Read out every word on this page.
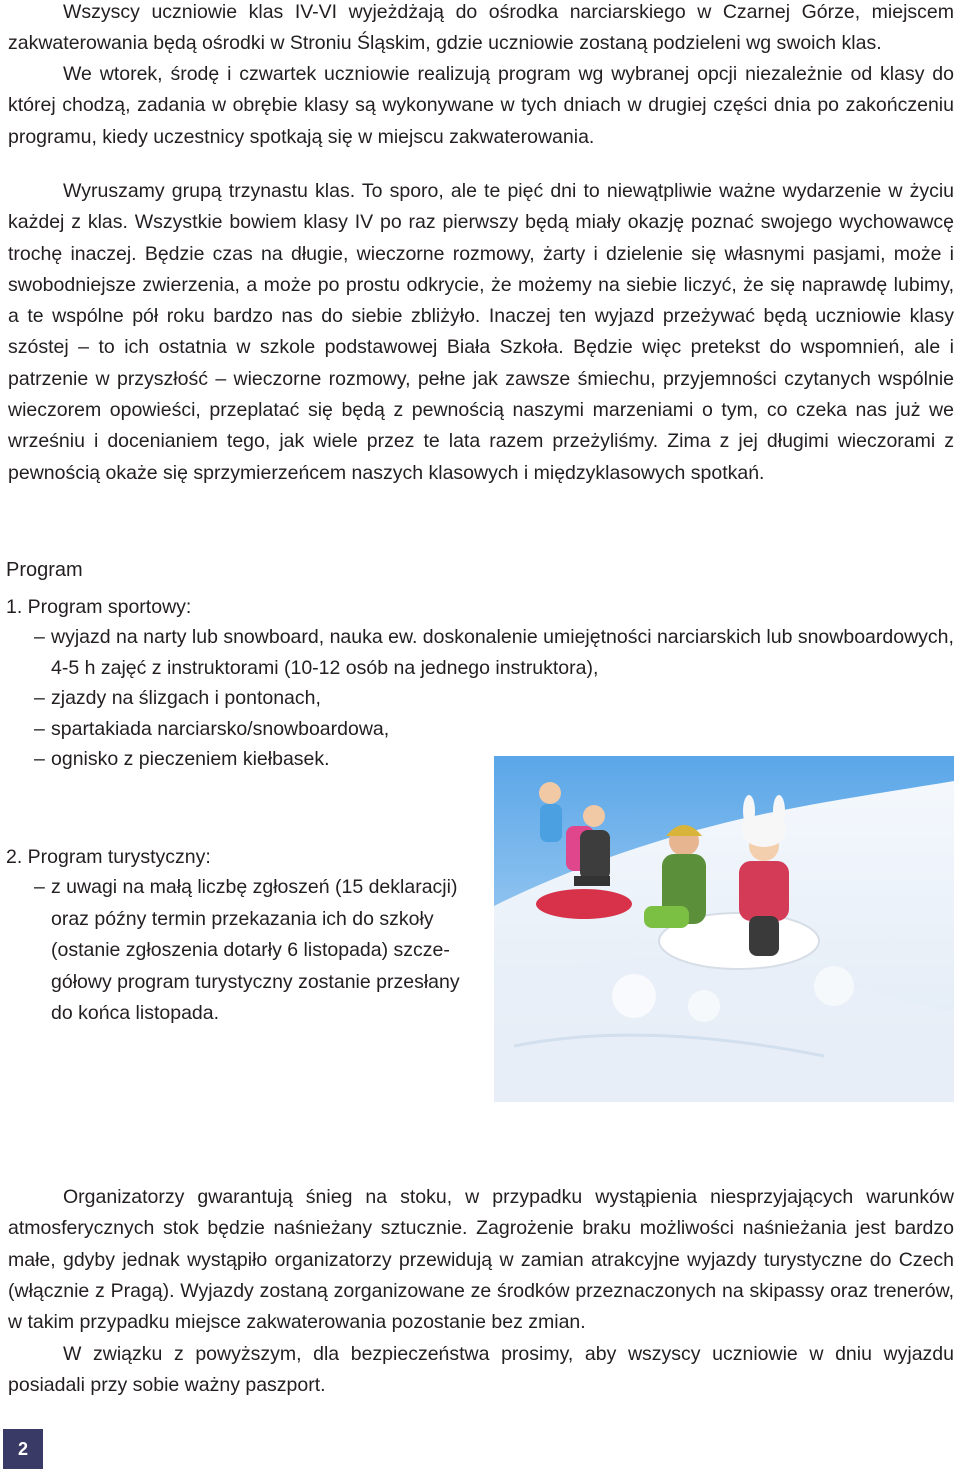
Wszyscy uczniowie klas IV-VI wyjeżdżają do ośrodka narciarskiego w Czarnej Górze, miejscem zakwaterowania będą ośrodki w Stroniu Śląskim, gdzie uczniowie zostaną podzieleni wg swoich klas.

We wtorek, środę i czwartek uczniowie realizują program wg wybranej opcji niezależnie od klasy do której chodzą, zadania w obrębie klasy są wykonywane w tych dniach w drugiej części dnia po zakończeniu programu, kiedy uczestnicy spotkają się w miejscu zakwaterowania.

Wyruszamy grupą trzynastu klas. To sporo, ale te pięć dni to niewątpliwie ważne wydarzenie w życiu każdej z klas. Wszystkie bowiem klasy IV po raz pierwszy będą miały okazję poznać swojego wychowawcę trochę inaczej. Będzie czas na długie, wieczorne rozmowy, żarty i dzielenie się własnymi pasjami, może i swobodniejsze zwierzenia, a może po prostu odkrycie, że możemy na siebie liczyć, że się naprawdę lubimy, a te wspólne pół roku bardzo nas do siebie zbliżyło. Inaczej ten wyjazd przeżywać będą uczniowie klasy szóstej – to ich ostatnia w szkole podstawowej Biała Szkoła. Będzie więc pretekst do wspomnień, ale i patrzenie w przyszłość – wieczorne rozmowy, pełne jak zawsze śmiechu, przyjemności czytanych wspólnie wieczorem opowieści, przeplatać się będą z pewnością naszymi marzeniami o tym, co czeka nas już we wrześniu i docenianiem tego, jak wiele przez te lata razem przeżyliśmy. Zima z jej długimi wieczorami z pewnością okaże się sprzymierzeńcem naszych klasowych i międzyklasowych spotkań.

Program
1. Program sportowy:
– wyjazd na narty lub snowboard, nauka ew. doskonalenie umiejętności narciarskich lub snowboardowych, 4-5 h zajęć z instruktorami (10-12 osób na jednego instruktora),
– zjazdy na ślizgach i pontonach,
– spartakiada narciarsko/snowboardowa,
– ognisko z pieczeniem kiełbasek.
2. Program turystyczny:
– z uwagi na małą liczbę zgłoszeń (15 deklaracji) oraz późny termin przekazania ich do szkoły (ostanie zgłoszenia dotarły 6 listopada) szczegółowy program turystyczny zostanie przesłany do końca listopada.

Organizatorzy gwarantują śnieg na stoku, w przypadku wystąpienia niesprzyjających warunków atmosferycznych stok będzie naśnieżany sztucznie. Zagrożenie braku możliwości naśnieżania jest bardzo małe, gdyby jednak wystąpiło organizatorzy przewidują w zamian atrakcyjne wyjazdy turystyczne do Czech (włącznie z Pragą). Wyjazdy zostaną zorganizowane ze środków przeznaczonych na skipassy oraz trenerów, w takim przypadku miejsce zakwaterowania pozostanie bez zmian.

W związku z powyższym, dla bezpieczeństwa prosimy, aby wszyscy uczniowie w dniu wyjazdu posiadali przy sobie ważny paszport.

2
